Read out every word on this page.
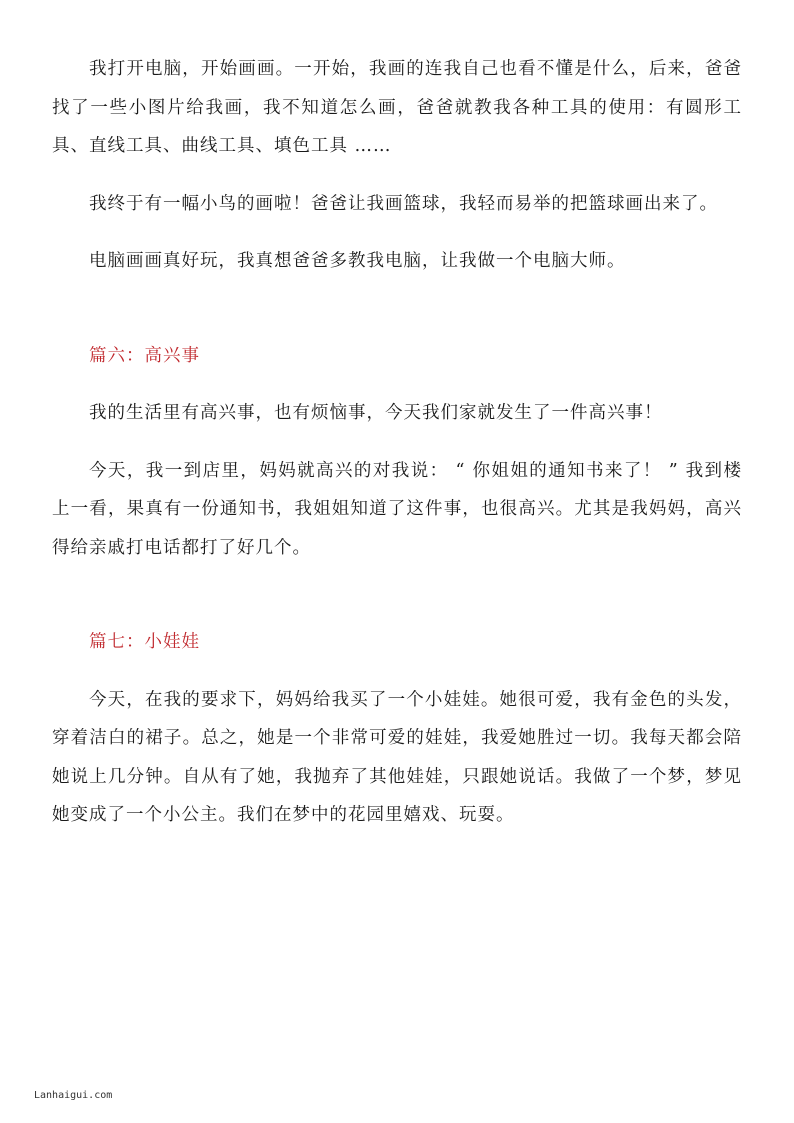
我打开电脑，开始画画。一开始，我画的连我自己也看不懂是什么，后来，爸爸找了一些小图片给我画，我不知道怎么画，爸爸就教我各种工具的使用：有圆形工具、直线工具、曲线工具、填色工具 ……

我终于有一幅小鸟的画啦！爸爸让我画篮球，我轻而易举的把篮球画出来了。

电脑画画真好玩，我真想爸爸多教我电脑，让我做一个电脑大师。

篇六：高兴事

我的生活里有高兴事，也有烦恼事，今天我们家就发生了一件高兴事！

今天，我一到店里，妈妈就高兴的对我说： “ 你姐姐的通知书来了！ ” 我到楼上一看，果真有一份通知书，我姐姐知道了这件事，也很高兴。尤其是我妈妈，高兴得给亲戚打电话都打了好几个。

篇七：小娃娃

今天，在我的要求下，妈妈给我买了一个小娃娃。她很可爱，我有金色的头发，穿着洁白的裙子。总之，她是一个非常可爱的娃娃，我爱她胜过一切。我每天都会陪她说上几分钟。自从有了她，我抛弃了其他娃娃，只跟她说话。我做了一个梦，梦见她变成了一个小公主。我们在梦中的花园里嬉戏、玩耍。

Lanhaigui.com
